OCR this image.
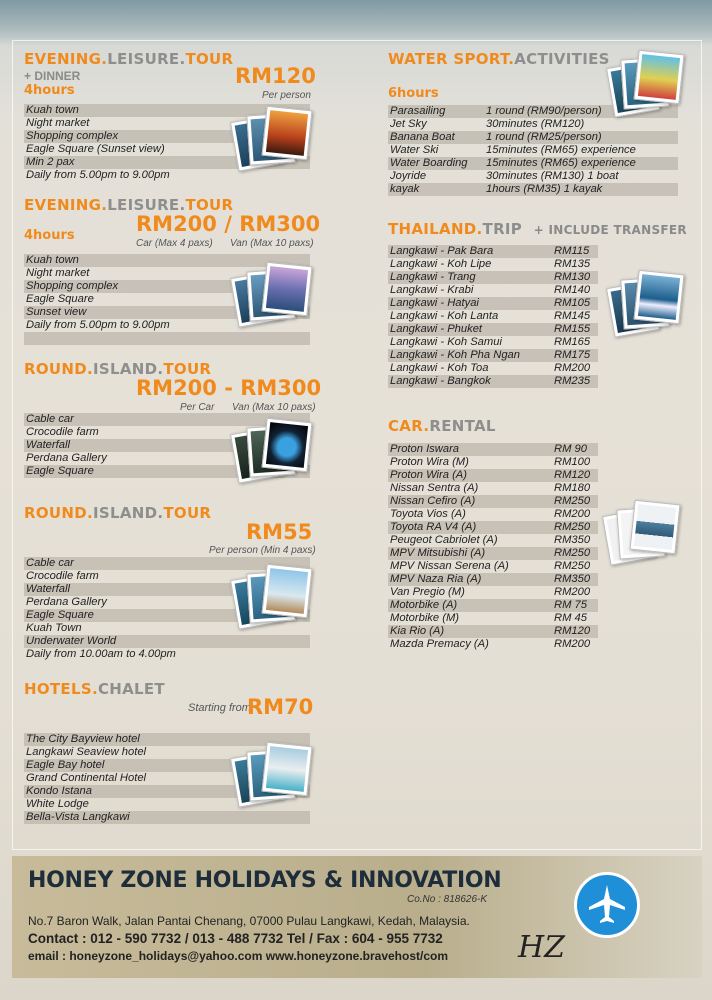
EVENING.LEISURE.TOUR
+ DINNER
4hours
RM120
Per person
Kuah town
Night market
Shopping complex
Eagle Square (Sunset view)
Min 2 pax
Daily from 5.00pm to 9.00pm
EVENING.LEISURE.TOUR
4hours	RM200 / RM300
Car (Max 4 paxs) Van (Max 10 paxs)
Kuah town
Night market
Shopping complex
Eagle Square
Sunset view
Daily from 5.00pm to 9.00pm
ROUND.ISLAND.TOUR
RM200 - RM300
Per Car Van (Max 10 paxs)
Cable car
Crocodile farm
Waterfall
Perdana Gallery
Eagle Square
ROUND.ISLAND.TOUR
RM55
Per person (Min 4 paxs)
Cable car
Crocodile farm
Waterfall
Perdana Gallery
Eagle Square
Kuah Town
Underwater World
Daily from 10.00am to 4.00pm
HOTELS.CHALET
Starting from
RM70
The City Bayview hotel
Langkawi Seaview hotel
Eagle Bay hotel
Grand Continental Hotel
Kondo Istana
White Lodge
Bella-Vista Langkawi
WATER SPORT.ACTIVITIES
6hours
Parasailing	1 round (RM90/person)
Jet Sky	30minutes (RM120)
Banana Boat	1 round (RM25/person)
Water Ski	15minutes (RM65) experience
Water Boarding 15minutes (RM65) experience
Joyride	30minutes (RM130) 1 boat
kayak	1hours (RM35) 1 kayak
THAILAND.TRIP + INCLUDE TRANSFER
Langkawi - Pak Bara	RM115
Langkawi - Koh Lipe	RM135
Langkawi - Trang	RM130
Langkawi - Krabi	RM140
Langkawi - Hatyai	RM105
Langkawi - Koh Lanta	RM145
Langkawi - Phuket	RM155
Langkawi - Koh Samui	RM165
Langkawi - Koh Pha Ngan	RM175
Langkawi - Koh Toa	RM200
Langkawi - Bangkok	RM235
CAR.RENTAL
Proton Iswara	RM 90
Proton Wira (M)	RM100
Proton Wira (A)	RM120
Nissan Sentra (A)	RM180
Nissan Cefiro (A)	RM250
Toyota Vios (A)	RM200
Toyota RA V4 (A)	RM250
Peugeot Cabriolet (A)	RM350
MPV Mitsubishi (A)	RM250
MPV Nissan Serena (A)	RM250
MPV Naza Ria (A)	RM350
Van Pregio (M)	RM200
Motorbike (A)	RM 75
Motorbike (M)	RM 45
Kia Rio (A)	RM120
Mazda Premacy (A)	RM200
HONEY ZONE HOLIDAYS & INNOVATION
Co.No : 818626-K
No.7 Baron Walk, Jalan Pantai Chenang, 07000 Pulau Langkawi, Kedah, Malaysia.
Contact : 012 - 590 7732 / 013 - 488 7732 Tel / Fax : 604 - 955 7732
email : honeyzone_holidays@yahoo.com www.honeyzone.bravehost/com HZ
